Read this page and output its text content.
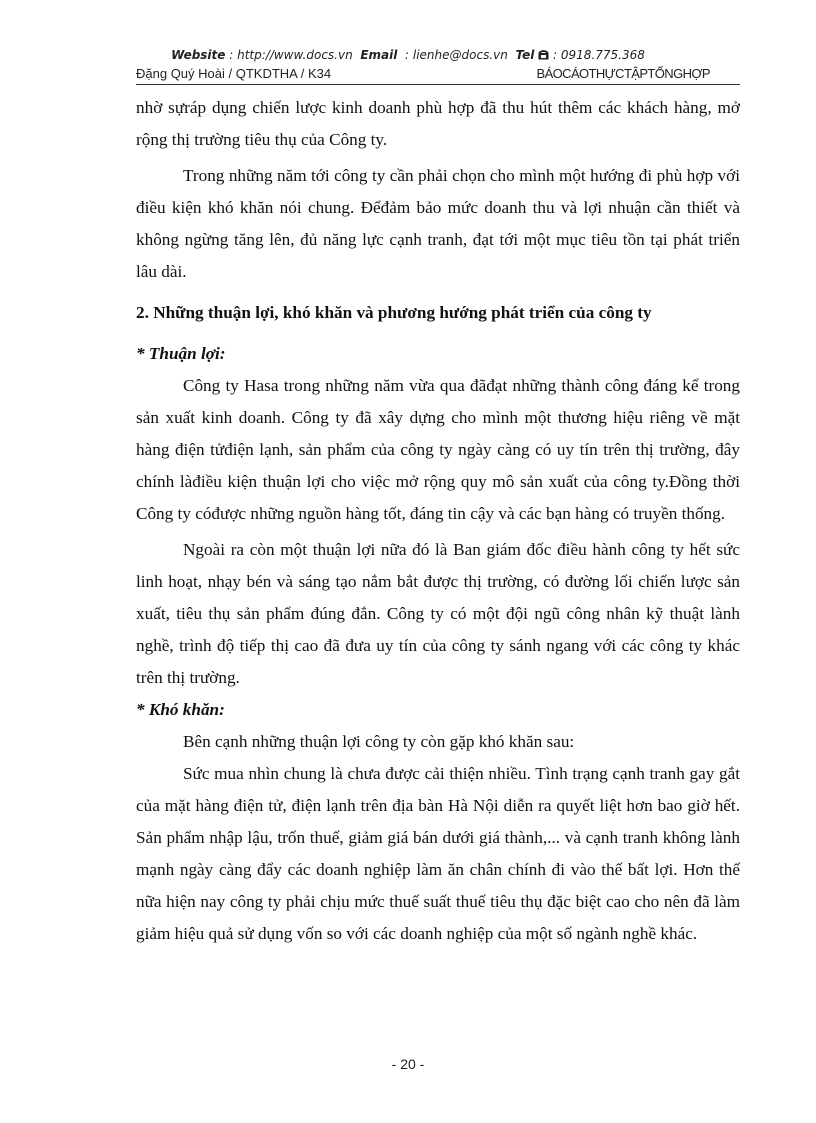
Website : http://www.docs.vn Email : lienhe@docs.vn Tel : 0918.775.368
Đặng Quý Hoài / QTKDTHA / K34	BÁOCÁOTHỰCTẬPTỔNGHỢP

nhờ sựráp dụng chiến lược kinh doanh phù hợp đã thu hút thêm các khách hàng, mở rộng thị trường tiêu thụ của Công ty.

Trong những năm tới công ty cần phải chọn cho mình một hướng đi phù hợp với điều kiện khó khăn nói chung. Đểđảm bảo mức doanh thu và lợi nhuận cần thiết và không ngừng tăng lên, đủ năng lực cạnh tranh, đạt tới một mục tiêu tồn tại phát triển lâu dài.

2. Những thuận lợi, khó khăn và phương hướng phát triển của công ty

* Thuận lợi:

Công ty Hasa trong những năm vừa qua đãđạt những thành công đáng kể trong sản xuất kinh doanh. Công ty đã xây dựng cho mình một thương hiệu riêng về mặt hàng điện tửđiện lạnh, sản phẩm của công ty ngày càng có uy tín trên thị trường, đây chính làđiều kiện thuận lợi cho việc mở rộng quy mô sản xuất của công ty.Đồng thời Công ty cóđược những nguồn hàng tốt, đáng tin cậy và các bạn hàng có truyền thống.

Ngoài ra còn một thuận lợi nữa đó là Ban giám đốc điều hành công ty hết sức linh hoạt, nhạy bén và sáng tạo nắm bắt được thị trường, có đường lối chiến lược sản xuất, tiêu thụ sản phẩm đúng đắn. Công ty có một đội ngũ công nhân kỹ thuật lành nghề, trình độ tiếp thị cao đã đưa uy tín của công ty sánh ngang với các công ty khác trên thị trường.

* Khó khăn:

Bên cạnh những thuận lợi công ty còn gặp khó khăn sau:

Sức mua nhìn chung là chưa được cải thiện nhiều. Tình trạng cạnh tranh gay gắt của mặt hàng điện tử, điện lạnh trên địa bàn Hà Nội diễn ra quyết liệt hơn bao giờ hết. Sản phẩm nhập lậu, trốn thuế, giảm giá bán dưới giá thành,... và cạnh tranh không lành mạnh ngày càng đẩy các doanh nghiệp làm ăn chân chính đi vào thế bất lợi. Hơn thế nữa hiện nay công ty phải chịu mức thuế suất thuế tiêu thụ đặc biệt cao cho nên đã làm giảm hiệu quả sử dụng vốn so với các doanh nghiệp của một số ngành nghề khác.

- 20 -
